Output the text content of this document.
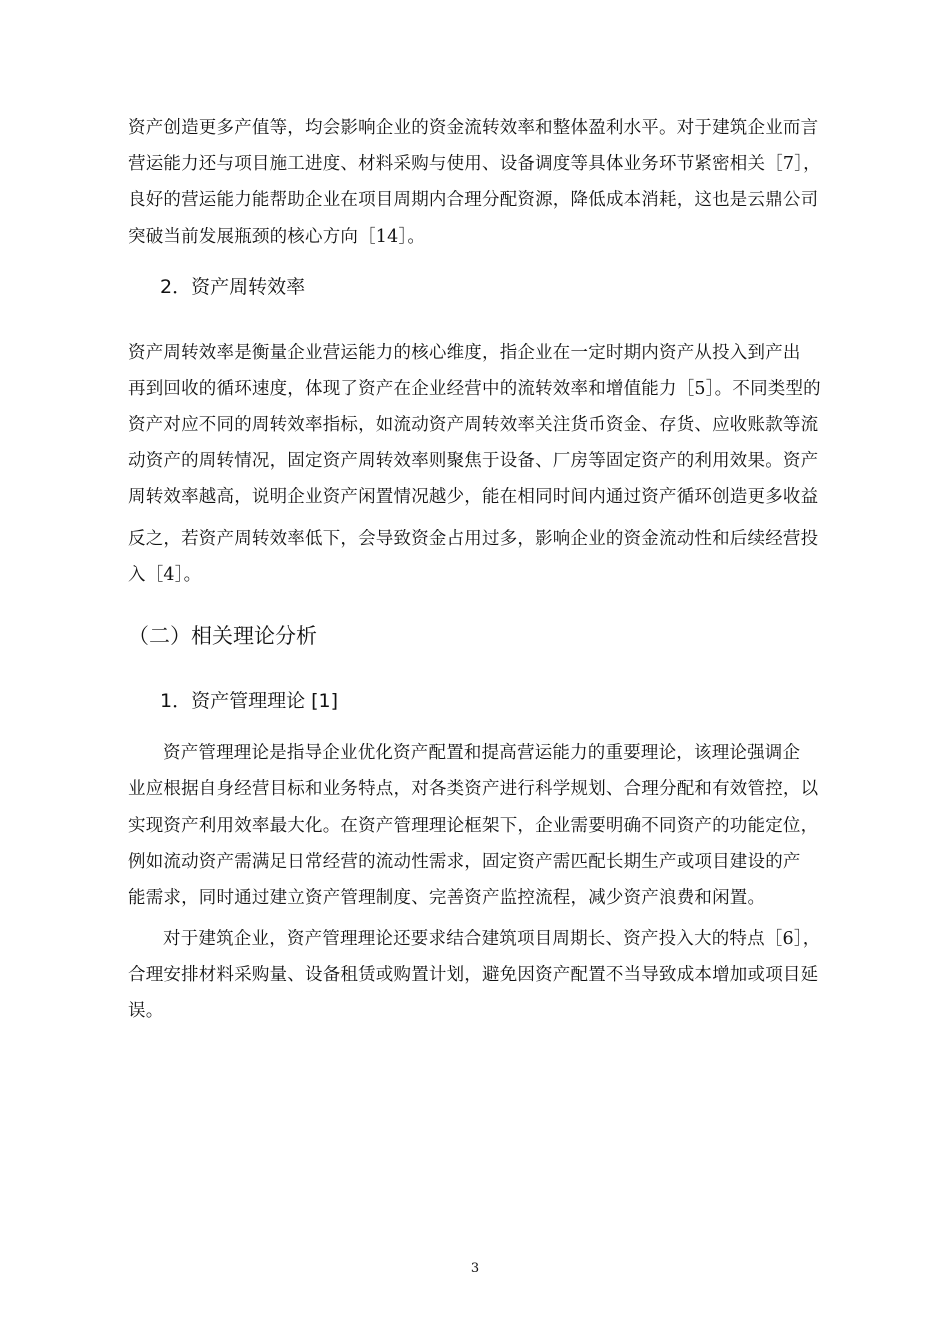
资产创造更多产值等，均会影响企业的资金流转效率和整体盈利水平。对于建筑企业而言
营运能力还与项目施工进度、材料采购与使用、设备调度等具体业务环节紧密相关［7］，
良好的营运能力能帮助企业在项目周期内合理分配资源，降低成本消耗，这也是云鼎公司
突破当前发展瓶颈的核心方向［14］。
2．资产周转效率
资产周转效率是衡量企业营运能力的核心维度，指企业在一定时期内资产从投入到产出
再到回收的循环速度，体现了资产在企业经营中的流转效率和增值能力［5］。不同类型的
资产对应不同的周转效率指标，如流动资产周转效率关注货币资金、存货、应收账款等流
动资产的周转情况，固定资产周转效率则聚焦于设备、厂房等固定资产的利用效果。资产
周转效率越高，说明企业资产闲置情况越少，能在相同时间内通过资产循环创造更多收益
反之，若资产周转效率低下，会导致资金占用过多，影响企业的资金流动性和后续经营投
入［4］。
（二）相关理论分析
1．资产管理理论 [1]
资产管理理论是指导企业优化资产配置和提高营运能力的重要理论，该理论强调企
业应根据自身经营目标和业务特点，对各类资产进行科学规划、合理分配和有效管控，以
实现资产利用效率最大化。在资产管理理论框架下，企业需要明确不同资产的功能定位，
例如流动资产需满足日常经营的流动性需求，固定资产需匹配长期生产或项目建设的产
能需求，同时通过建立资产管理制度、完善资产监控流程，减少资产浪费和闲置。
对于建筑企业，资产管理理论还要求结合建筑项目周期长、资产投入大的特点［6］，
合理安排材料采购量、设备租赁或购置计划，避免因资产配置不当导致成本增加或项目延
误。
3
